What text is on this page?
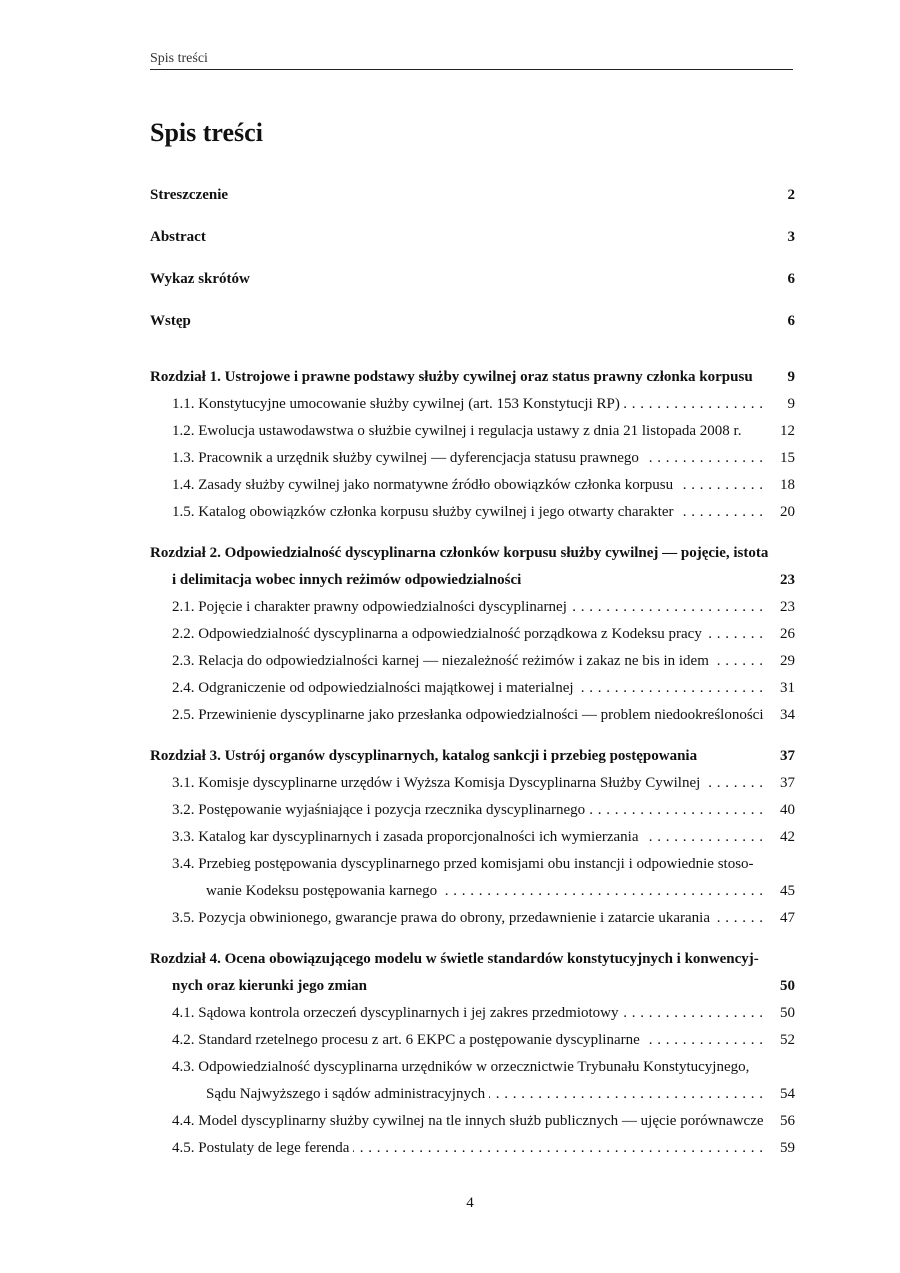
Spis treści
Spis treści
Streszczenie	2
Abstract	3
Wykaz skrótów	6
Wstęp	6
Rozdział 1. Ustrojowe i prawne podstawy służby cywilnej oraz status prawny członka korpusu	9
1.1. Konstytucyjne umocowanie służby cywilnej (art. 153 Konstytucji RP) . . .	9
1.2. Ewolucja ustawodawstwa o służbie cywilnej i regulacja ustawy z dnia 21 listopada 2008 r.	12
1.3. Pracownik a urzędnik służby cywilnej — dyferencjacja statusu prawnego . . .	15
1.4. Zasady służby cywilnej jako normatywne źródło obowiązków członka korpusu . . .	18
1.5. Katalog obowiązków członka korpusu służby cywilnej i jego otwarty charakter . . .	20
Rozdział 2. Odpowiedzialność dyscyplinarna członków korpusu służby cywilnej — pojęcie, istota
i delimitacja wobec innych reżimów odpowiedzialności	23
2.1. Pojęcie i charakter prawny odpowiedzialności dyscyplinarnej . . .	23
2.2. Odpowiedzialność dyscyplinarna a odpowiedzialność porządkowa z Kodeksu pracy . . .	26
2.3. Relacja do odpowiedzialności karnej — niezależność reżimów i zakaz ne bis in idem . . .	29
2.4. Odgraniczenie od odpowiedzialności majątkowej i materialnej . . .	31
2.5. Przewinienie dyscyplinarne jako przesłanka odpowiedzialności — problem niedookreśloności	34
Rozdział 3. Ustrój organów dyscyplinarnych, katalog sankcji i przebieg postępowania	37
3.1. Komisje dyscyplinarne urzędów i Wyższa Komisja Dyscyplinarna Służby Cywilnej . . .	37
3.2. Postępowanie wyjaśniające i pozycja rzecznika dyscyplinarnego . . .	40
3.3. Katalog kar dyscyplinarnych i zasada proporcjonalności ich wymierzania . . .	42
3.4. Przebieg postępowania dyscyplinarnego przed komisjami obu instancji i odpowiednie stoso-
wanie Kodeksu postępowania karnego . . .	45
3.5. Pozycja obwinionego, gwarancje prawa do obrony, przedawnienie i zatarcie ukarania . . .	47
Rozdział 4. Ocena obowiązującego modelu w świetle standardów konstytucyjnych i konwencyj-
nych oraz kierunki jego zmian	50
4.1. Sądowa kontrola orzeczeń dyscyplinarnych i jej zakres przedmiotowy . . .	50
4.2. Standard rzetelnego procesu z art. 6 EKPC a postępowanie dyscyplinarne . . .	52
4.3. Odpowiedzialność dyscyplinarna urzędników w orzecznictwie Trybunału Konstytucyjnego,
Sądu Najwyższego i sądów administracyjnych . . .	54
4.4. Model dyscyplinarny służby cywilnej na tle innych służb publicznych — ujęcie porównawcze	56
4.5. Postulaty de lege ferenda . . .	59
4
